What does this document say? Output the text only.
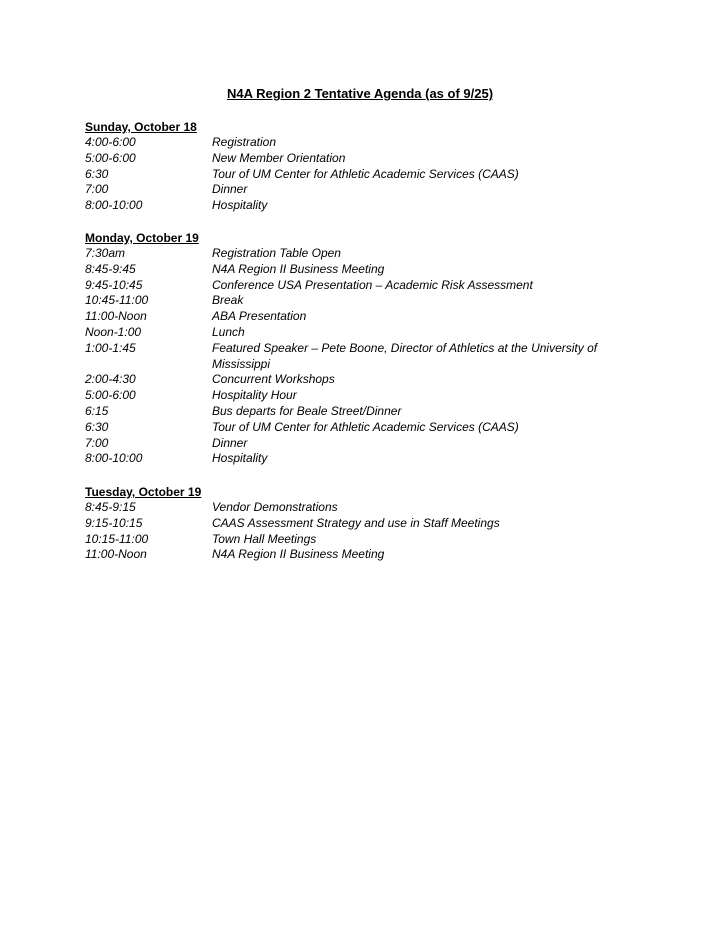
N4A Region 2 Tentative Agenda (as of 9/25)
Sunday, October 18
4:00-6:00	Registration
5:00-6:00	New Member Orientation
6:30	Tour of UM Center for Athletic Academic Services (CAAS)
7:00	Dinner
8:00-10:00	Hospitality
Monday, October 19
7:30am	Registration Table Open
8:45-9:45	N4A Region II Business Meeting
9:45-10:45	Conference USA Presentation – Academic Risk Assessment
10:45-11:00	Break
11:00-Noon	ABA Presentation
Noon-1:00	Lunch
1:00-1:45	Featured Speaker – Pete Boone, Director of Athletics at the University of Mississippi
2:00-4:30	Concurrent Workshops
5:00-6:00	Hospitality Hour
6:15	Bus departs for Beale Street/Dinner
6:30	Tour of UM Center for Athletic Academic Services (CAAS)
7:00	Dinner
8:00-10:00	Hospitality
Tuesday, October 19
8:45-9:15	Vendor Demonstrations
9:15-10:15	CAAS Assessment Strategy and use in Staff Meetings
10:15-11:00	Town Hall Meetings
11:00-Noon	N4A Region II Business Meeting
